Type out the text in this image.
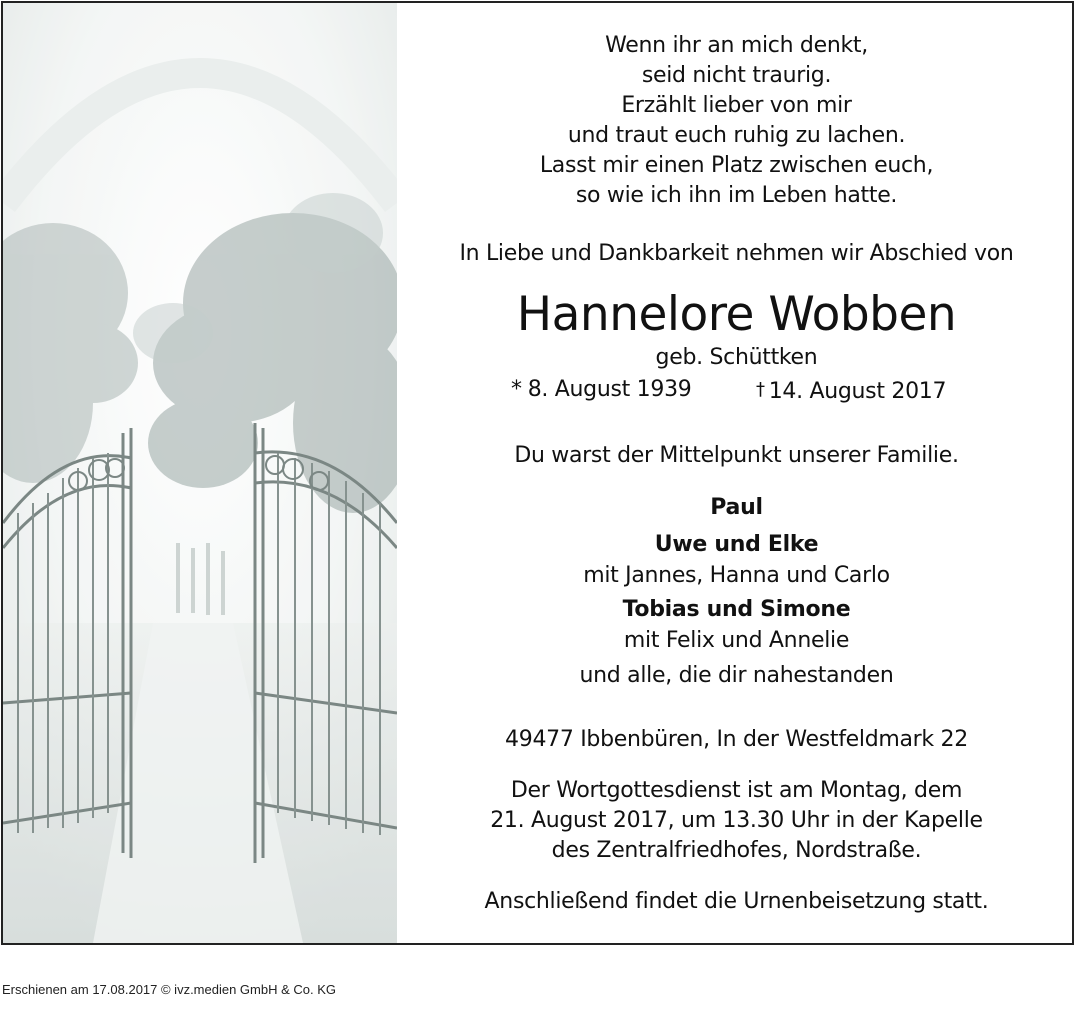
Wenn ihr an mich denkt,
seid nicht traurig.
Erzählt lieber von mir
und traut euch ruhig zu lachen.
Lasst mir einen Platz zwischen euch,
so wie ich ihn im Leben hatte.
In Liebe und Dankbarkeit nehmen wir Abschied von
Hannelore Wobben
geb. Schüttken
* 8. August 1939	† 14. August 2017
Du warst der Mittelpunkt unserer Familie.
Paul
Uwe und Elke
mit Jannes, Hanna und Carlo
Tobias und Simone
mit Felix und Annelie
und alle, die dir nahestanden
49477 Ibbenbüren, In der Westfeldmark 22
Der Wortgottesdienst ist am Montag, dem
21. August 2017, um 13.30 Uhr in der Kapelle
des Zentralfriedhofes, Nordstraße.
Anschließend findet die Urnenbeisetzung statt.
Erschienen am 17.08.2017 © ivz.medien GmbH & Co. KG
